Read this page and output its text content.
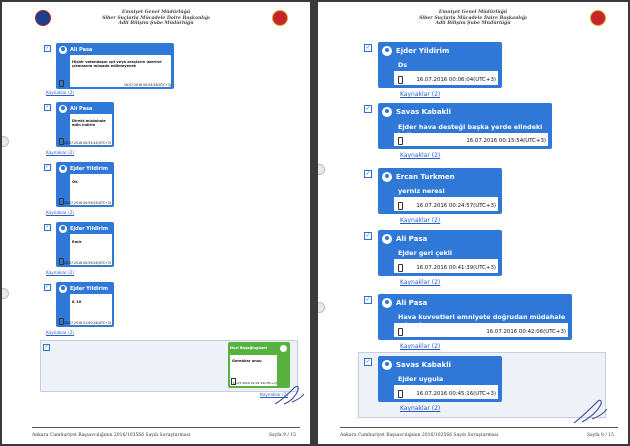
Emniyet Genel Müdürlüğü
Siber Suçlarla Mücadele Daire Başkanlığı
Adli Bilişim Şube Müdürlüğü
✓	Ali Pasa
Hiçbir vatandaşın ışıt veya araçların üzerine çıkmasına müsade edilmeyecek
16.07.2016 00:54:58(UTC+3)
Kaynaklar (2)
✓	Ali Pasa
Direkt müdahale edin indirin
16.07.2016 00:55:45(UTC+3)
Kaynaklar (2)
✓	Ejder Yildirim
Ok
16.07.2016 00:59:03(UTC+3)
Kaynaklar (2)
✓	Ejder Yildirim
Emir
16.07.2016 00:59:29(UTC+3)
Kaynaklar (2)
✓	Ejder Yildirim
8 10
16.07.2016 01:00:26(UTC+3)
Kaynaklar (2)
✓	Nuri Başoğlugüzel
Gerekkar onsu
16.07.2016 01:02:23(UTC+3)
Kaynaklar (2)
Ankara Cumhuriyet Başsavcılığının 2016/103566 Sayılı Soruşturması	Sayfa 9 / 15
Emniyet Genel Müdürlüğü
Siber Suçlarla Mücadele Daire Başkanlığı
Adli Bilişim Şube Müdürlüğü
✓	Ejder Yildirim
Ds
16.07.2016 00:06:04(UTC+3)
Kaynaklar (2)
✓	Savas Kabakli
Ejder hava desteği başka yerde elindeki
16.07.2016 00:15:54(UTC+3)
Kaynaklar (2)
✓	Ercan Turkmen
yerniz neresi
16.07.2016 00:24:57(UTC+3)
Kaynaklar (2)
✓	Ali Pasa
Ejder geri çekil
16.07.2016 00:41:39(UTC+3)
Kaynaklar (2)
✓	Ali Pasa
Hava kuvvetleri emniyete doğrudan müdahale
16.07.2016 00:42:06(UTC+3)
Kaynaklar (2)
✓	Savas Kabakli
Ejder uygula
16.07.2016 00:45:16(UTC+3)
Kaynaklar (2)
Ankara Cumhuriyet Başsavcılığının 2016/103566 Sayılı Soruşturması	Sayfa 8 / 15
